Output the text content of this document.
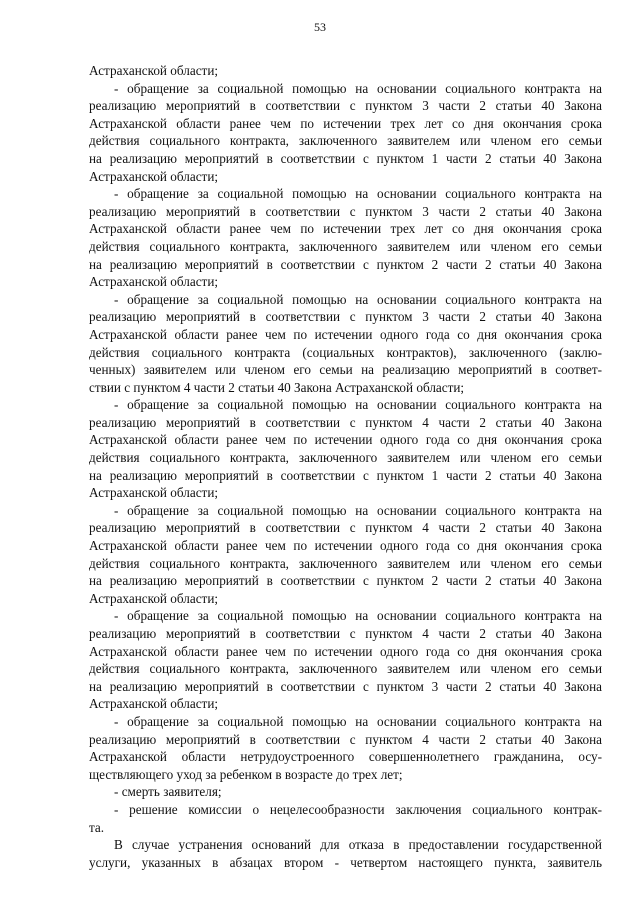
53
Астраханской области;
- обращение за социальной помощью на основании социального контракта на
реализацию мероприятий в соответствии с пунктом 3 части 2 статьи 40 Закона
Астраханской области ранее чем по истечении трех лет со дня окончания срока
действия социального контракта, заключенного заявителем или членом его семьи
на реализацию мероприятий в соответствии с пунктом 1 части 2 статьи 40 Закона
Астраханской области;
- обращение за социальной помощью на основании социального контракта на
реализацию мероприятий в соответствии с пунктом 3 части 2 статьи 40 Закона
Астраханской области ранее чем по истечении трех лет со дня окончания срока
действия социального контракта, заключенного заявителем или членом его семьи
на реализацию мероприятий в соответствии с пунктом 2 части 2 статьи 40 Закона
Астраханской области;
- обращение за социальной помощью на основании социального контракта на
реализацию мероприятий в соответствии с пунктом 3 части 2 статьи 40 Закона
Астраханской области ранее чем по истечении одного года со дня окончания срока
действия социального контракта (социальных контрактов), заключенного (заклю-
ченных) заявителем или членом его семьи на реализацию мероприятий в соответ-
ствии с пунктом 4 части 2 статьи 40 Закона Астраханской области;
- обращение за социальной помощью на основании социального контракта на
реализацию мероприятий в соответствии с пунктом 4 части 2 статьи 40 Закона
Астраханской области ранее чем по истечении одного года со дня окончания срока
действия социального контракта, заключенного заявителем или членом его семьи
на реализацию мероприятий в соответствии с пунктом 1 части 2 статьи 40 Закона
Астраханской области;
- обращение за социальной помощью на основании социального контракта на
реализацию мероприятий в соответствии с пунктом 4 части 2 статьи 40 Закона
Астраханской области ранее чем по истечении одного года со дня окончания срока
действия социального контракта, заключенного заявителем или членом его семьи
на реализацию мероприятий в соответствии с пунктом 2 части 2 статьи 40 Закона
Астраханской области;
- обращение за социальной помощью на основании социального контракта на
реализацию мероприятий в соответствии с пунктом 4 части 2 статьи 40 Закона
Астраханской области ранее чем по истечении одного года со дня окончания срока
действия социального контракта, заключенного заявителем или членом его семьи
на реализацию мероприятий в соответствии с пунктом 3 части 2 статьи 40 Закона
Астраханской области;
- обращение за социальной помощью на основании социального контракта на
реализацию мероприятий в соответствии с пунктом 4 части 2 статьи 40 Закона
Астраханской области нетрудоустроенного совершеннолетнего гражданина, осу-
ществляющего уход за ребенком в возрасте до трех лет;
- смерть заявителя;
- решение комиссии о нецелесообразности заключения социального контрак-
та.
В случае устранения оснований для отказа в предоставлении государственной
услуги, указанных в абзацах втором - четвертом настоящего пункта, заявитель
